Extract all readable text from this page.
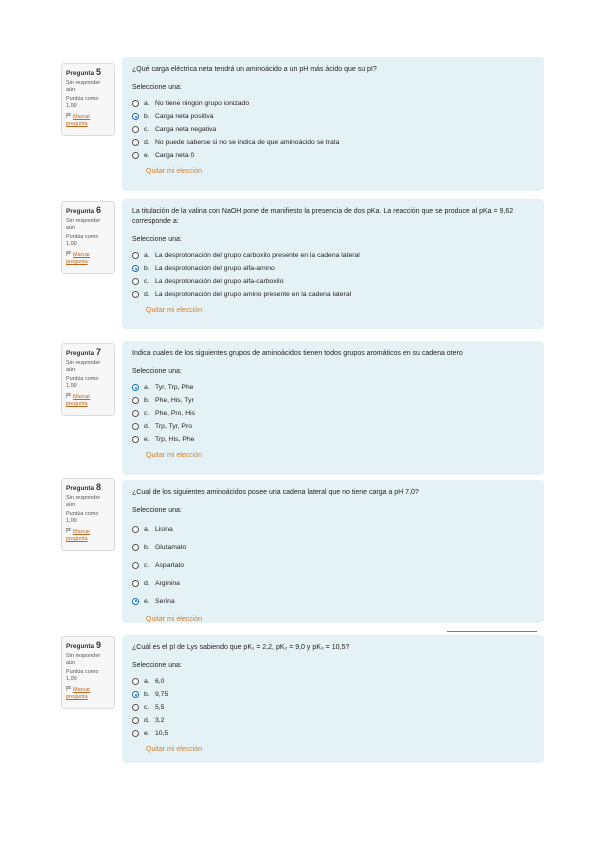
Pregunta 5
Sin responder aún
Puntúa como 1,00
Marcar pregunta
¿Qué carga eléctrica neta tendrá un aminoácido a un pH más ácido que su pI?
Seleccione una:
a. No tiene ningún grupo ionizado
b. Carga neta positiva
c. Carga neta negativa
d. No puede saberse si no se indica de que aminoácido se trata
e. Carga neta 0
Quitar mi elección
Pregunta 6
Sin responder aún
Puntúa como 1,00
Marcar pregunta
La titulación de la valina con NaOH pone de manifiesto la presencia de dos pKa. La reacción que se produce al pKa = 9,62 corresponde a:
Seleccione una:
a. La desprotonación del grupo carboxilo presente en la cadena lateral
b. La desprotonación del grupo alfa-amino
c. La desprotonación del grupo alfa-carboxilo
d. La desprotonación del grupo amino presente en la cadena lateral
Quitar mi elección
Pregunta 7
Sin responder aún
Puntúa como 1,00
Marcar pregunta
Indica cuales de los siguientes grupos de aminoácidos tienen todos grupos aromáticos en su cadena otero
Seleccione una:
a. Tyr, Trp, Phe
b. Phe, His, Tyr
c. Phe, Pro, His
d. Trp, Tyr, Pro
e. Trp, His, Phe
Quitar mi elección
Pregunta 8
Sin responder aún
Puntúa como 1,00
Marcar pregunta
¿Cual de los siguientes aminoácidos posee una cadena lateral que no tiene carga a pH 7,0?
Seleccione una:
a. Lisina
b. Glutamato
c. Aspartato
d. Arginina
e. Serina
Quitar mi elección
Pregunta 9
Sin responder aún
Puntúa como 1,00
Marcar pregunta
¿Cuál es el pI de Lys sabiendo que pK₁ = 2,2, pK₂ = 9,0 y pK₃ = 10,5?
Seleccione una:
a. 6,0
b. 9,75
c. 5,5
d. 3,2
e. 10,5
Quitar mi elección
